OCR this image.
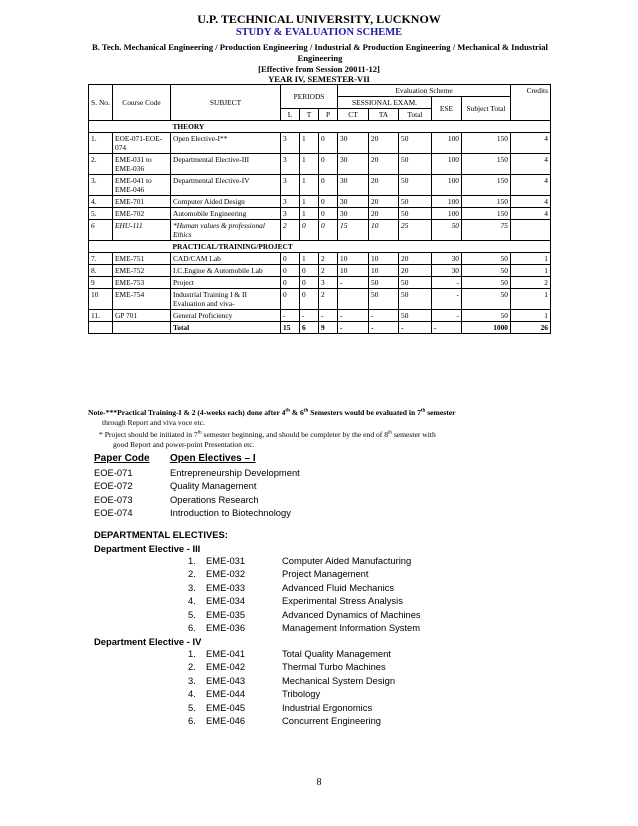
U.P. TECHNICAL UNIVERSITY, LUCKNOW
STUDY & EVALUATION SCHEME
B. Tech. Mechanical Engineering / Production Engineering / Industrial & Production Engineering / Mechanical & Industrial Engineering
[Effective from Session 20011-12]
YEAR IV, SEMESTER-VII
S. No.	Course Code	SUBJECT	PERIODS			Evaluation Scheme					Credits
						SESSIONAL EXAM.			ESE	Subject Total	
			L	T	P	CT	TA	Total			
		THEORY									
1.	EOE-071-EOE-074	Open Elective-I**	3	1	0	30	20	50	100	150	4
2.	EME-031 to EME-036	Departmental Elective-III	3	1	0	30	20	50	100	150	4
3.	EME-041 to EME-046	Departmental Elective-IV	3	1	0	30	20	50	100	150	4
4.	EME-701	Computer Aided Design	3	1	0	30	20	50	100	150	4
5.	EME-702	Automobile Engineering	3	1	0	30	20	50	100	150	4
6	EHU-111	*Human values & professional Ethics	2	0	0	15	10	25	50	75	
		PRACTICAL/TRAINING/PROJECT									
7.	EME-751	CAD/CAM Lab	0	1	2	10	10	20	30	50	1
8.	EME-752	I.C.Engine & Automobile Lab	0	0	2	10	10	20	30	50	1
9	EME-753	Project	0	0	3	-	50	50	-	50	2
10	EME-754	Industrial Training I & II Evaluation and viva-	0	0	2		50	50	-	50	1
11.	GP 701	General Proficiency	-	-	-	-	-	50	-	50	1
		Total	15	6	9	-	-	-	-	1000	26
Note-***Practical Training-I & 2 (4-weeks each) done after 4th & 6th Semesters would be evaluated in 7th semester
through Report and viva voce etc.
* Project should be initiated in 7th semester beginning, and should be completer by the end of 8th semester with
good Report and power-point Presentation etc.
Paper Code Open Electives – I
EOE-071	Entrepreneurship Development
EOE-072	Quality Management
EOE-073	Operations Research
EOE-074	Introduction to Biotechnology
DEPARTMENTAL ELECTIVES:
Department Elective - III
1. EME-031	Computer Aided Manufacturing
2. EME-032	Project Management
3. EME-033	Advanced Fluid Mechanics
4. EME-034	Experimental Stress Analysis
5. EME-035	Advanced Dynamics of Machines
6. EME-036	Management Information System
Department Elective - IV
1. EME-041	Total Quality Management
2. EME-042	Thermal Turbo Machines
3. EME-043	Mechanical System Design
4. EME-044	Tribology
5. EME-045	Industrial Ergonomics
6. EME-046	Concurrent Engineering
8
